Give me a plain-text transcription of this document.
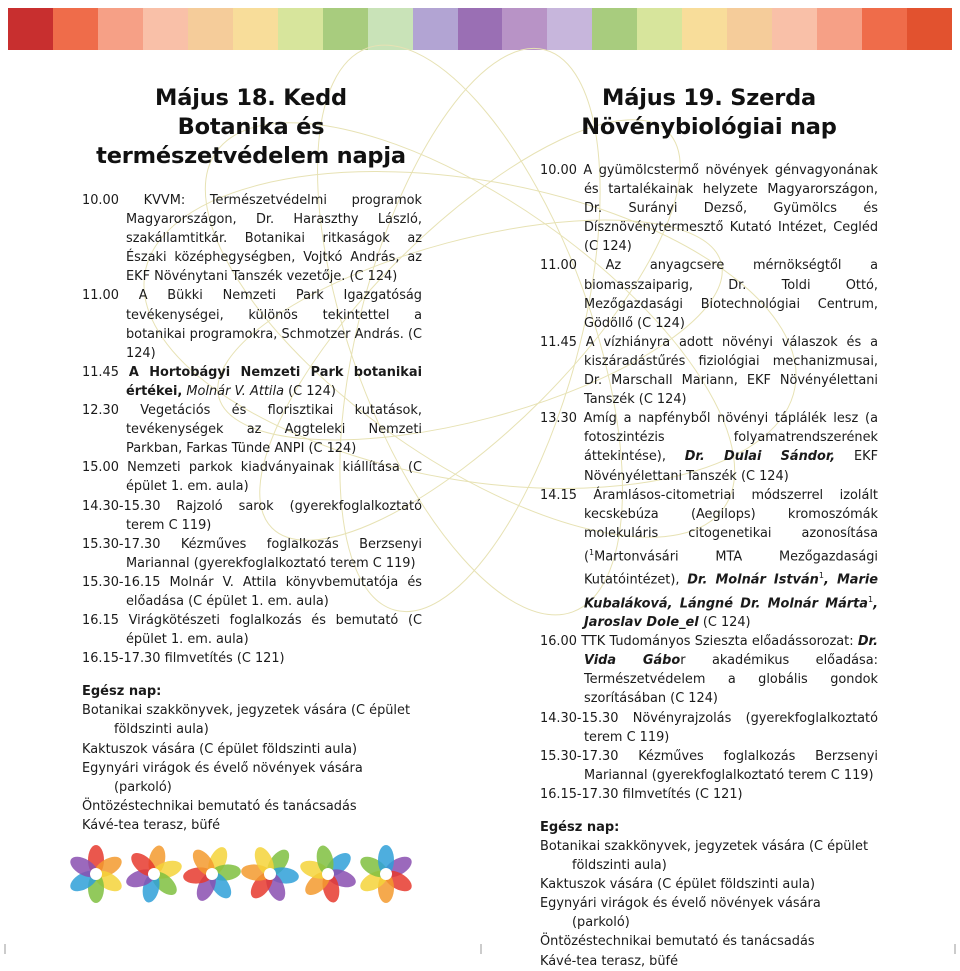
Május 18. Kedd
Botanika és
természetvédelem napja
10.00 KVVM: Természetvédelmi programok Magyarországon, Dr. Haraszthy László, szakállamtitkár. Botanikai ritkaságok az Északi középhegységben, Vojtkó András, az EKF Növénytani Tanszék vezetője. (C 124)
11.00 A Bükki Nemzeti Park Igazgatóság tevékenységei, különös tekintettel a botanikai programokra, Schmotzer András. (C 124)
11.45 A Hortobágyi Nemzeti Park botanikai értékei, Molnár V. Attila (C 124)
12.30 Vegetációs és florisztikai kutatások, tevékenységek az Aggteleki Nemzeti Parkban, Farkas Tünde ANPI (C 124)
15.00 Nemzeti parkok kiadványainak kiállítása (C épület 1. em. aula)
14.30-15.30 Rajzoló sarok (gyerekfoglalkoztató terem C 119)
15.30-17.30 Kézműves foglalkozás Berzsenyi Mariannal (gyerekfoglalkoztató terem C 119)
15.30-16.15 Molnár V. Attila könyvbemutatója és előadása (C épület 1. em. aula)
16.15 Virágkötészeti foglalkozás és bemutató (C épület 1. em. aula)
16.15-17.30 filmvetítés (C 121)
Egész nap:
Botanikai szakkönyvek, jegyzetek vására (C épület földszinti aula)
Kaktuszok vására (C épület földszinti aula)
Egynyári virágok és évelő növények vására (parkoló)
Öntözéstechnikai bemutató és tanácsadás
Kávé-tea terasz, büfé
Május 19. Szerda
Növénybiológiai nap
10.00 A gyümölcstermő növények génvagyonának és tartalékainak helyzete Magyarországon, Dr. Surányi Dezső, Gyümölcs és Dísznövénytermesztő Kutató Intézet, Cegléd (C 124)
11.00 Az anyagcsere mérnökségtől a biomasszaiparig, Dr. Toldi Ottó, Mezőgazdasági Biotechnológiai Centrum, Gödöllő (C 124)
11.45 A vízhiányra adott növényi válaszok és a kiszáradástűrés fiziológiai mechanizmusai, Dr. Marschall Mariann, EKF Növényélettani Tanszék (C 124)
13.30 Amíg a napfényből növényi táplálék lesz (a fotoszintézis folyamatrendszerének áttekintése), Dr. Dulai Sándor, EKF Növényélettani Tanszék (C 124)
14.15 Áramlásos-citometriai módszerrel izolált kecskebúza (Aegilops) kromoszómák molekuláris citogenetikai azonosítása ($^1$Martonvásári MTA Mezőgazdasági Kutatóintézet), Dr. Molnár István$^1$, Marie Kubaláková, Lángné Dr. Molnár Márta$^1$, Jaroslav Dole_el (C 124)
16.00 TTK Tudományos Szieszta előadássorozat: Dr. Vida Gábor akadémikus előadása: Természetvédelem a globális gondok szorításában (C 124)
14.30-15.30 Növényrajzolás (gyerekfoglalkoztató terem C 119)
15.30-17.30 Kézműves foglalkozás Berzsenyi Mariannal (gyerekfoglalkoztató terem C 119)
16.15-17.30 filmvetítés (C 121)
Egész nap:
Botanikai szakkönyvek, jegyzetek vására (C épület földszinti aula)
Kaktuszok vására (C épület földszinti aula)
Egynyári virágok és évelő növények vására (parkoló)
Öntözéstechnikai bemutató és tanácsadás
Kávé-tea terasz, büfé
